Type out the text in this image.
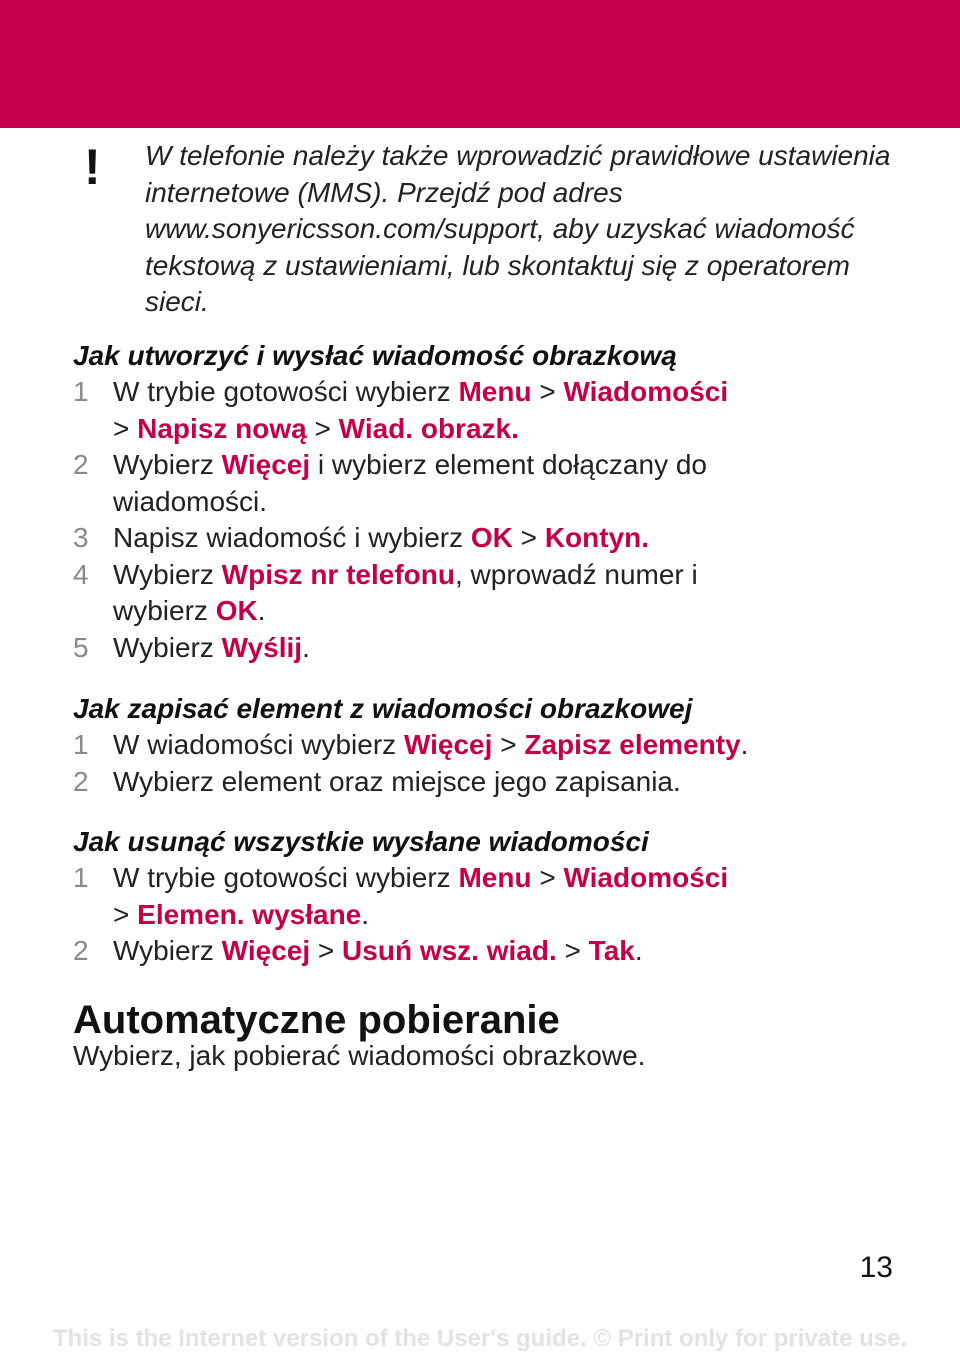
! W telefonie należy także wprowadzić prawidłowe ustawienia internetowe (MMS). Przejdź pod adres www.sonyericsson.com/support, aby uzyskać wiadomość tekstową z ustawieniami, lub skontaktuj się z operatorem sieci.
Jak utworzyć i wysłać wiadomość obrazkową
1 W trybie gotowości wybierz Menu > Wiadomości
> Napisz nową > Wiad. obrazk.
2 Wybierz Więcej i wybierz element dołączany do wiadomości.
3 Napisz wiadomość i wybierz OK > Kontyn.
4 Wybierz Wpisz nr telefonu, wprowadź numer i wybierz OK.
5 Wybierz Wyślij.
Jak zapisać element z wiadomości obrazkowej
1 W wiadomości wybierz Więcej > Zapisz elementy.
2 Wybierz element oraz miejsce jego zapisania.
Jak usunąć wszystkie wysłane wiadomości
1 W trybie gotowości wybierz Menu > Wiadomości
> Elemen. wysłane.
2 Wybierz Więcej > Usuń wsz. wiad. > Tak.
Automatyczne pobieranie
Wybierz, jak pobierać wiadomości obrazkowe.
13
This is the Internet version of the User's guide. © Print only for private use.
